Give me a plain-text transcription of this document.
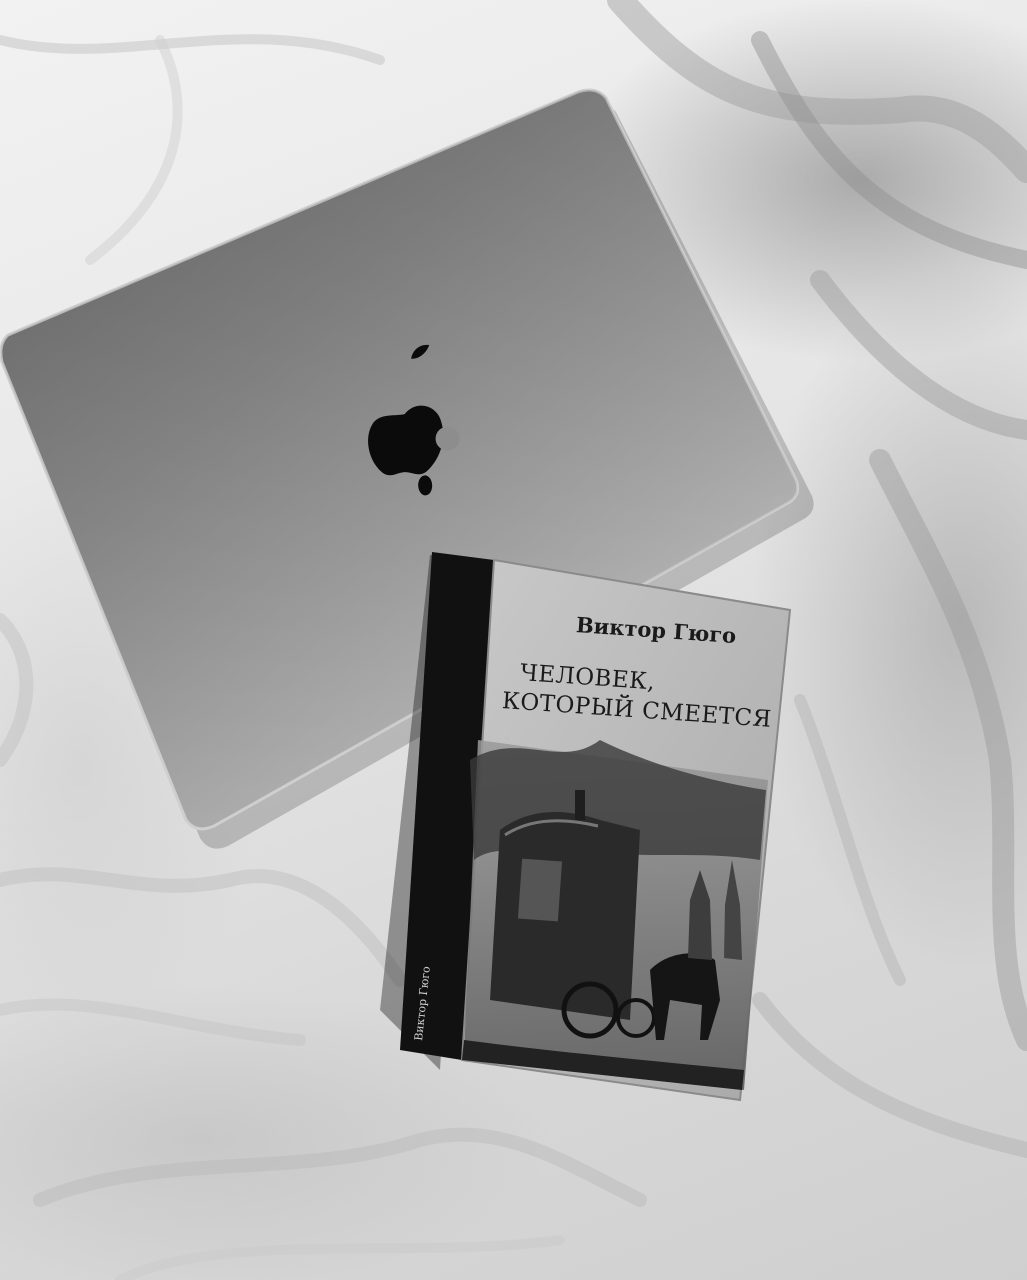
Виктор Гюго
ЧЕЛОВЕК,
КОТОРЫЙ СМЕЕТСЯ
Виктор Гюго
